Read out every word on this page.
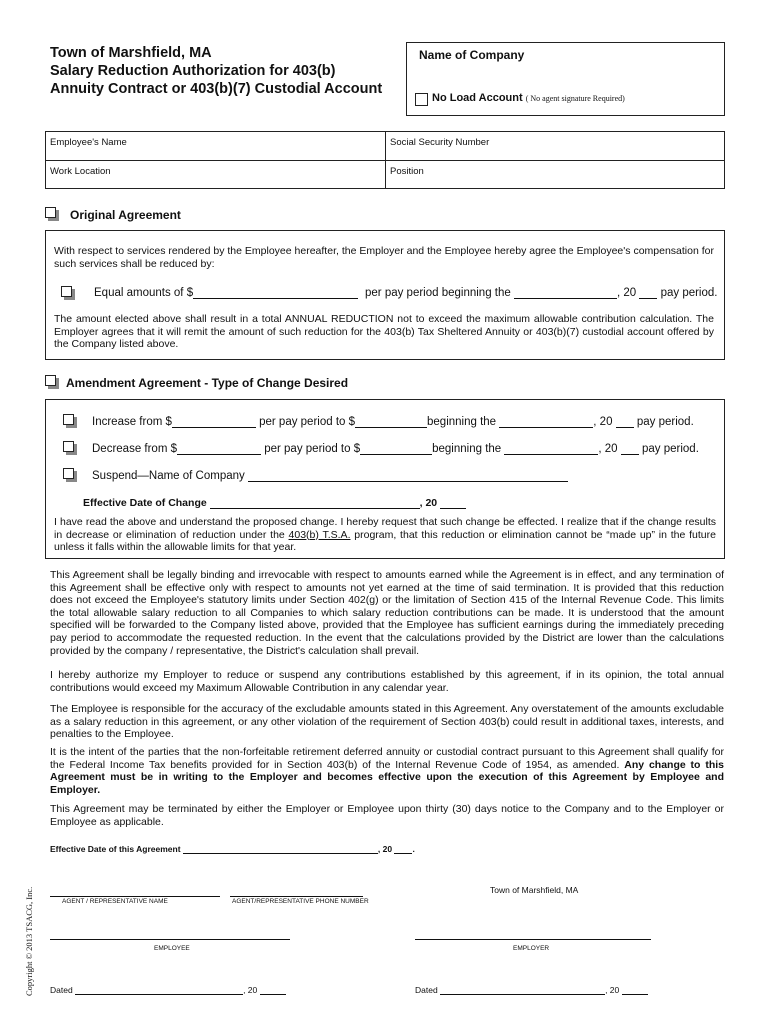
Town of Marshfield, MA
Salary Reduction Authorization for 403(b)
Annuity Contract or 403(b)(7) Custodial Account
Name of Company
No Load Account ( No agent signature Required)
Employee's Name	Social Security Number
Work Location	Position
Original Agreement
With respect to services rendered by the Employee hereafter, the Employer and the Employee hereby agree the Employee's compensation for such services shall be reduced by:
Equal amounts of $	per pay period beginning the	, 20 pay period.
The amount elected above shall result in a total ANNUAL REDUCTION not to exceed the maximum allowable contribution calculation. The Employer agrees that it will remit the amount of such reduction for the 403(b) Tax Sheltered Annuity or 403(b)(7) custodial account offered by the Company listed above.
Amendment Agreement - Type of Change Desired
Increase from $	per pay period to $	beginning the	, 20 pay period.
Decrease from $	per pay period to $	beginning the	, 20 pay period.
Suspend—Name of Company
Effective Date of Change	, 20
I have read the above and understand the proposed change. I hereby request that such change be effected. I realize that if the change results in decrease or elimination of reduction under the 403(b) T.S.A. program, that this reduction or elimination cannot be “made up” in the future unless it falls within the allowable limits for that year.
This Agreement shall be legally binding and irrevocable with respect to amounts earned while the Agreement is in effect, and any termination of this Agreement shall be effective only with respect to amounts not yet earned at the time of said termination. It is provided that this reduction does not exceed the Employee's statutory limits under Section 402(g) or the limitation of Section 415 of the Internal Revenue Code. This limits the total allowable salary reduction to all Companies to which salary reduction contributions can be made. It is understood that the amount specified will be forwarded to the Company listed above, provided that the Employee has sufficient earnings during the immediately preceding pay period to accommodate the requested reduction. In the event that the calculations provided by the District are lower than the calculations provided by the company / representative, the District's calculation shall prevail.
I hereby authorize my Employer to reduce or suspend any contributions established by this agreement, if in its opinion, the total annual contributions would exceed my Maximum Allowable Contribution in any calendar year.
The Employee is responsible for the accuracy of the excludable amounts stated in this Agreement. Any overstatement of the amounts excludable as a salary reduction in this agreement, or any other violation of the requirement of Section 403(b) could result in additional taxes, interests, and penalties to the Employee.
It is the intent of the parties that the non-forfeitable retirement deferred annuity or custodial contract pursuant to this Agreement shall qualify for the Federal Income Tax benefits provided for in Section 403(b) of the Internal Revenue Code of 1954, as amended. Any change to this Agreement must be in writing to the Employer and becomes effective upon the execution of this Agreement by Employee and Employer.
This Agreement may be terminated by either the Employer or Employee upon thirty (30) days notice to the Company and to the Employer or Employee as applicable.
Effective Date of this Agreement	, 20 .
Town of Marshfield, MA
AGENT / REPRESENTATIVE NAME	AGENT/REPRESENTATIVE PHONE NUMBER
EMPLOYEE	EMPLOYER
Dated	, 20	Dated	, 20
Copyright © 2013 TSACG, Inc.
